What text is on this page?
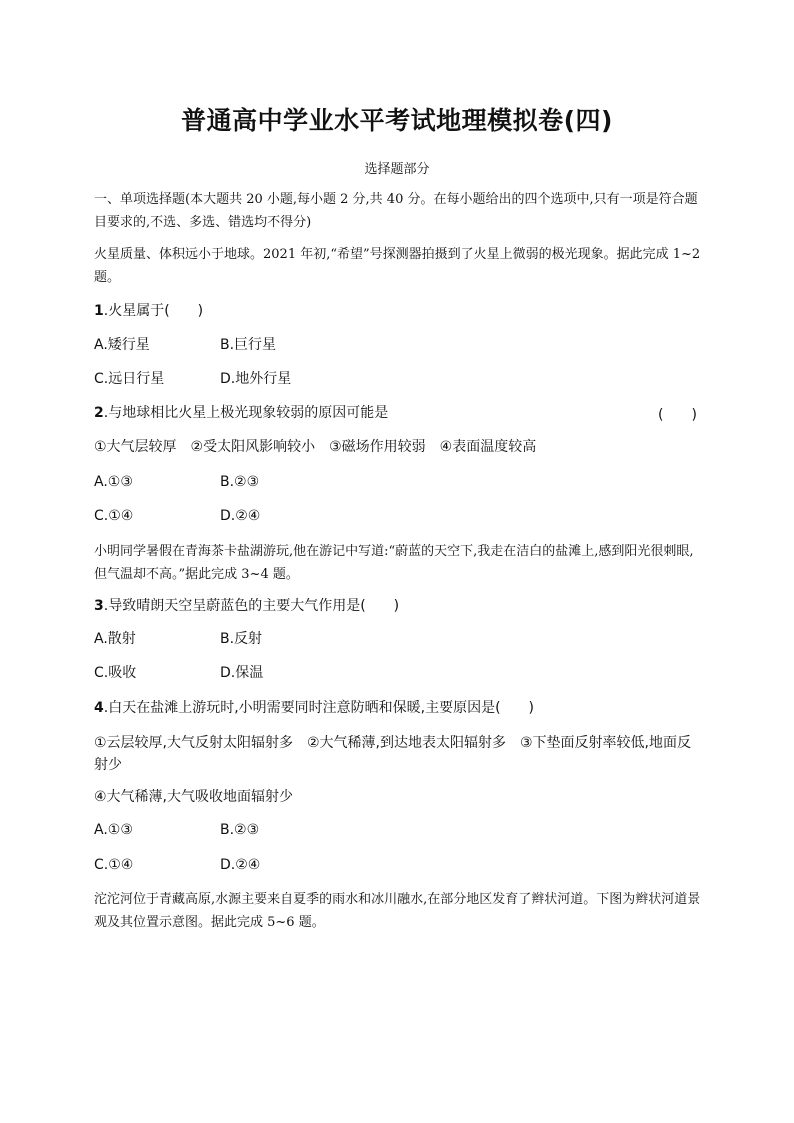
普通高中学业水平考试地理模拟卷(四)
选择题部分
一、单项选择题(本大题共 20 小题,每小题 2 分,共 40 分。在每小题给出的四个选项中,只有一项是符合题目要求的,不选、多选、错选均不得分)
火星质量、体积远小于地球。2021 年初,“希望”号探测器拍摄到了火星上微弱的极光现象。据此完成 1~2 题。
1.火星属于(　　)
A.矮行星	B.巨行星
C.远日行星	D.地外行星
2.与地球相比火星上极光现象较弱的原因可能是	(　　)
①大气层较厚　②受太阳风影响较小　③磁场作用较弱　④表面温度较高
A.①③	B.②③
C.①④	D.②④
小明同学暑假在青海茶卡盐湖游玩,他在游记中写道:“蔚蓝的天空下,我走在洁白的盐滩上,感到阳光很刺眼,但气温却不高。”据此完成 3~4 题。
3.导致晴朗天空呈蔚蓝色的主要大气作用是(　　)
A.散射	B.反射
C.吸收	D.保温
4.白天在盐滩上游玩时,小明需要同时注意防晒和保暖,主要原因是(　　)
①云层较厚,大气反射太阳辐射多　②大气稀薄,到达地表太阳辐射多　③下垫面反射率较低,地面反射少
④大气稀薄,大气吸收地面辐射少
A.①③	B.②③
C.①④	D.②④
沱沱河位于青藏高原,水源主要来自夏季的雨水和冰川融水,在部分地区发育了辫状河道。下图为辫状河道景观及其位置示意图。据此完成 5~6 题。
